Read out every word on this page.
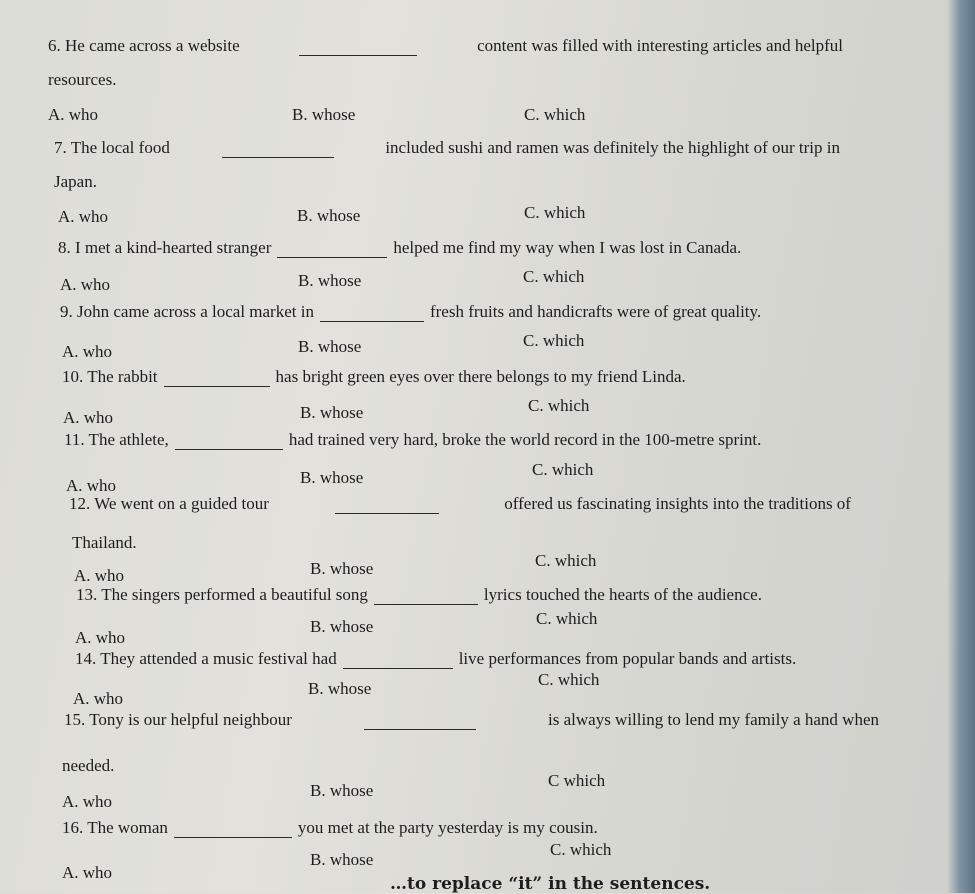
6. He came across a website	content was filled with interesting articles and helpful
resources.
A. who	B. whose	C. which
7. The local food	included sushi and ramen was definitely the highlight of our trip in
Japan.
A. who	B. whose	C. which
8. I met a kind-hearted stranger	helped me find my way when I was lost in Canada.
A. who	B. whose	C. which
9. John came across a local market in	fresh fruits and handicrafts were of great quality.
A. who	B. whose	C. which
10. The rabbit	has bright green eyes over there belongs to my friend Linda.
A. who	B. whose	C. which
11. The athlete,	had trained very hard, broke the world record in the 100-metre sprint.
A. who	B. whose	C. which
12. We went on a guided tour	offered us fascinating insights into the traditions of
Thailand.
A. who	B. whose	C. which
13. The singers performed a beautiful song	lyrics touched the hearts of the audience.
A. who
B. whose	C. which
14. They attended a music festival had	live performances from popular bands and artists.
A. who
B. whose	C. which
15. Tony is our helpful neighbour	is always willing to lend my family a hand when
needed.
A. who
B. whose
C which
16. The woman	you met at the party yesterday is my cousin.
A. who
B. whose
C. which
…to replace “it” in the sentences.
